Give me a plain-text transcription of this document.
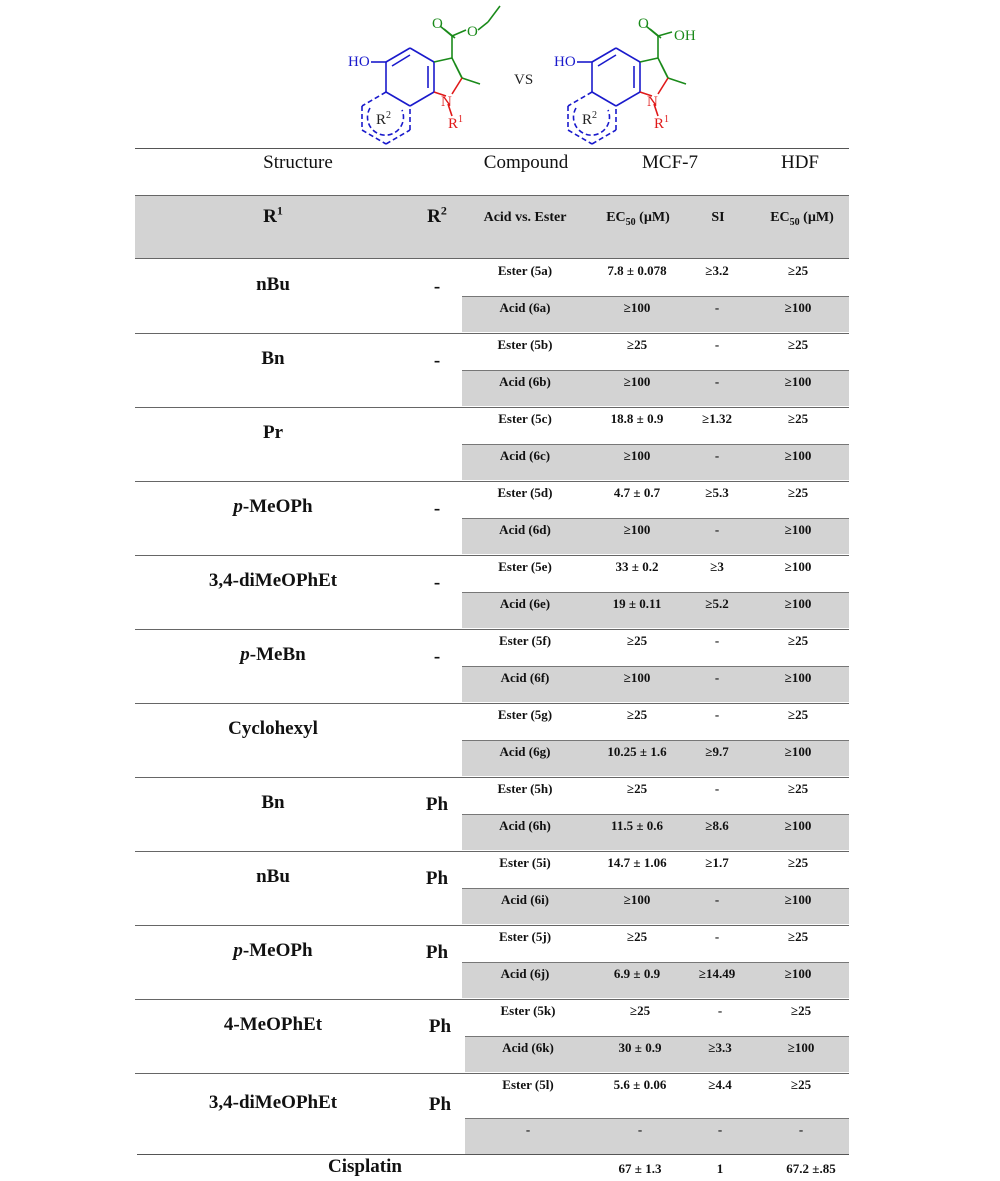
HO
O O
N
$R^1$
$R^2$
VS
HO
O
OH
N
$R^1$
$R^2$
Structure	Compound	MCF-7	HDF
$R^1$	$R^2$	Acid vs. Ester	$EC_{50}$ (µM)	SI	$EC_{50}$ (µM)
nBu	-
Ester (5a)	7.8 ± 0.078	≥3.2	≥25
Acid (6a)	≥100	-	≥100
Bn	-
Ester (5b)	≥25	-	≥25
Acid (6b)	≥100	-	≥100
Pr
Ester (5c)	18.8 ± 0.9	≥1.32	≥25
Acid (6c)	≥100	-	≥100
p-MeOPh	-
Ester (5d)	4.7 ± 0.7	≥5.3	≥25
Acid (6d)	≥100	-	≥100
3,4-diMeOPhEt	-
Ester (5e)	33 ± 0.2	≥3	≥100
Acid (6e)	19 ± 0.11	≥5.2	≥100
p-MeBn	-
Ester (5f)	≥25	-	≥25
Acid (6f)	≥100	-	≥100
Cyclohexyl
Ester (5g)	≥25	-	≥25
Acid (6g)	10.25 ± 1.6	≥9.7	≥100
Bn	Ph
Ester (5h)	≥25	-	≥25
Acid (6h)	11.5 ± 0.6	≥8.6	≥100
nBu	Ph
Ester (5i)	14.7 ± 1.06	≥1.7	≥25
Acid (6i)	≥100	-	≥100
p-MeOPh	Ph
Ester (5j)	≥25	-	≥25
Acid (6j)	6.9 ± 0.9	≥14.49	≥100
4-MeOPhEt	Ph
Ester (5k)	≥25	-	≥25
Acid (6k)	30 ± 0.9	≥3.3	≥100
3,4-diMeOPhEt	Ph
Ester (5l)	5.6 ± 0.06	≥4.4	≥25
-	-	-	-
Cisplatin	67 ± 1.3	1	67.2 ±.85
